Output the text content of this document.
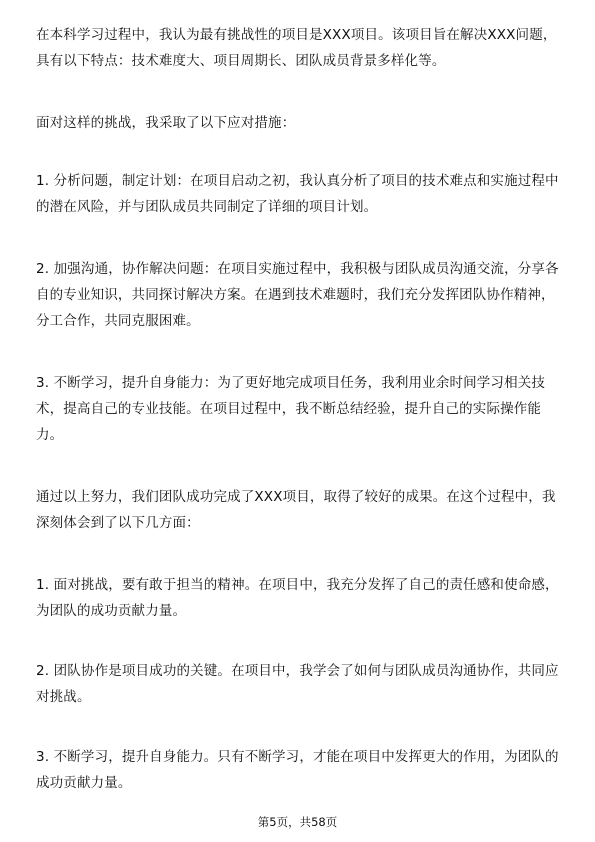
在本科学习过程中，我认为最有挑战性的项目是XXX项目。该项目旨在解决XXX问题，具有以下特点：技术难度大、项目周期长、团队成员背景多样化等。

面对这样的挑战，我采取了以下应对措施：

1. 分析问题，制定计划：在项目启动之初，我认真分析了项目的技术难点和实施过程中的潜在风险，并与团队成员共同制定了详细的项目计划。

2. 加强沟通，协作解决问题：在项目实施过程中，我积极与团队成员沟通交流，分享各自的专业知识，共同探讨解决方案。在遇到技术难题时，我们充分发挥团队协作精神，分工合作，共同克服困难。

3. 不断学习，提升自身能力：为了更好地完成项目任务，我利用业余时间学习相关技术，提高自己的专业技能。在项目过程中，我不断总结经验，提升自己的实际操作能力。

通过以上努力，我们团队成功完成了XXX项目，取得了较好的成果。在这个过程中，我深刻体会到了以下几方面：

1. 面对挑战，要有敢于担当的精神。在项目中，我充分发挥了自己的责任感和使命感，为团队的成功贡献力量。

2. 团队协作是项目成功的关键。在项目中，我学会了如何与团队成员沟通协作，共同应对挑战。

3. 不断学习，提升自身能力。只有不断学习，才能在项目中发挥更大的作用，为团队的成功贡献力量。

第5页，共58页
